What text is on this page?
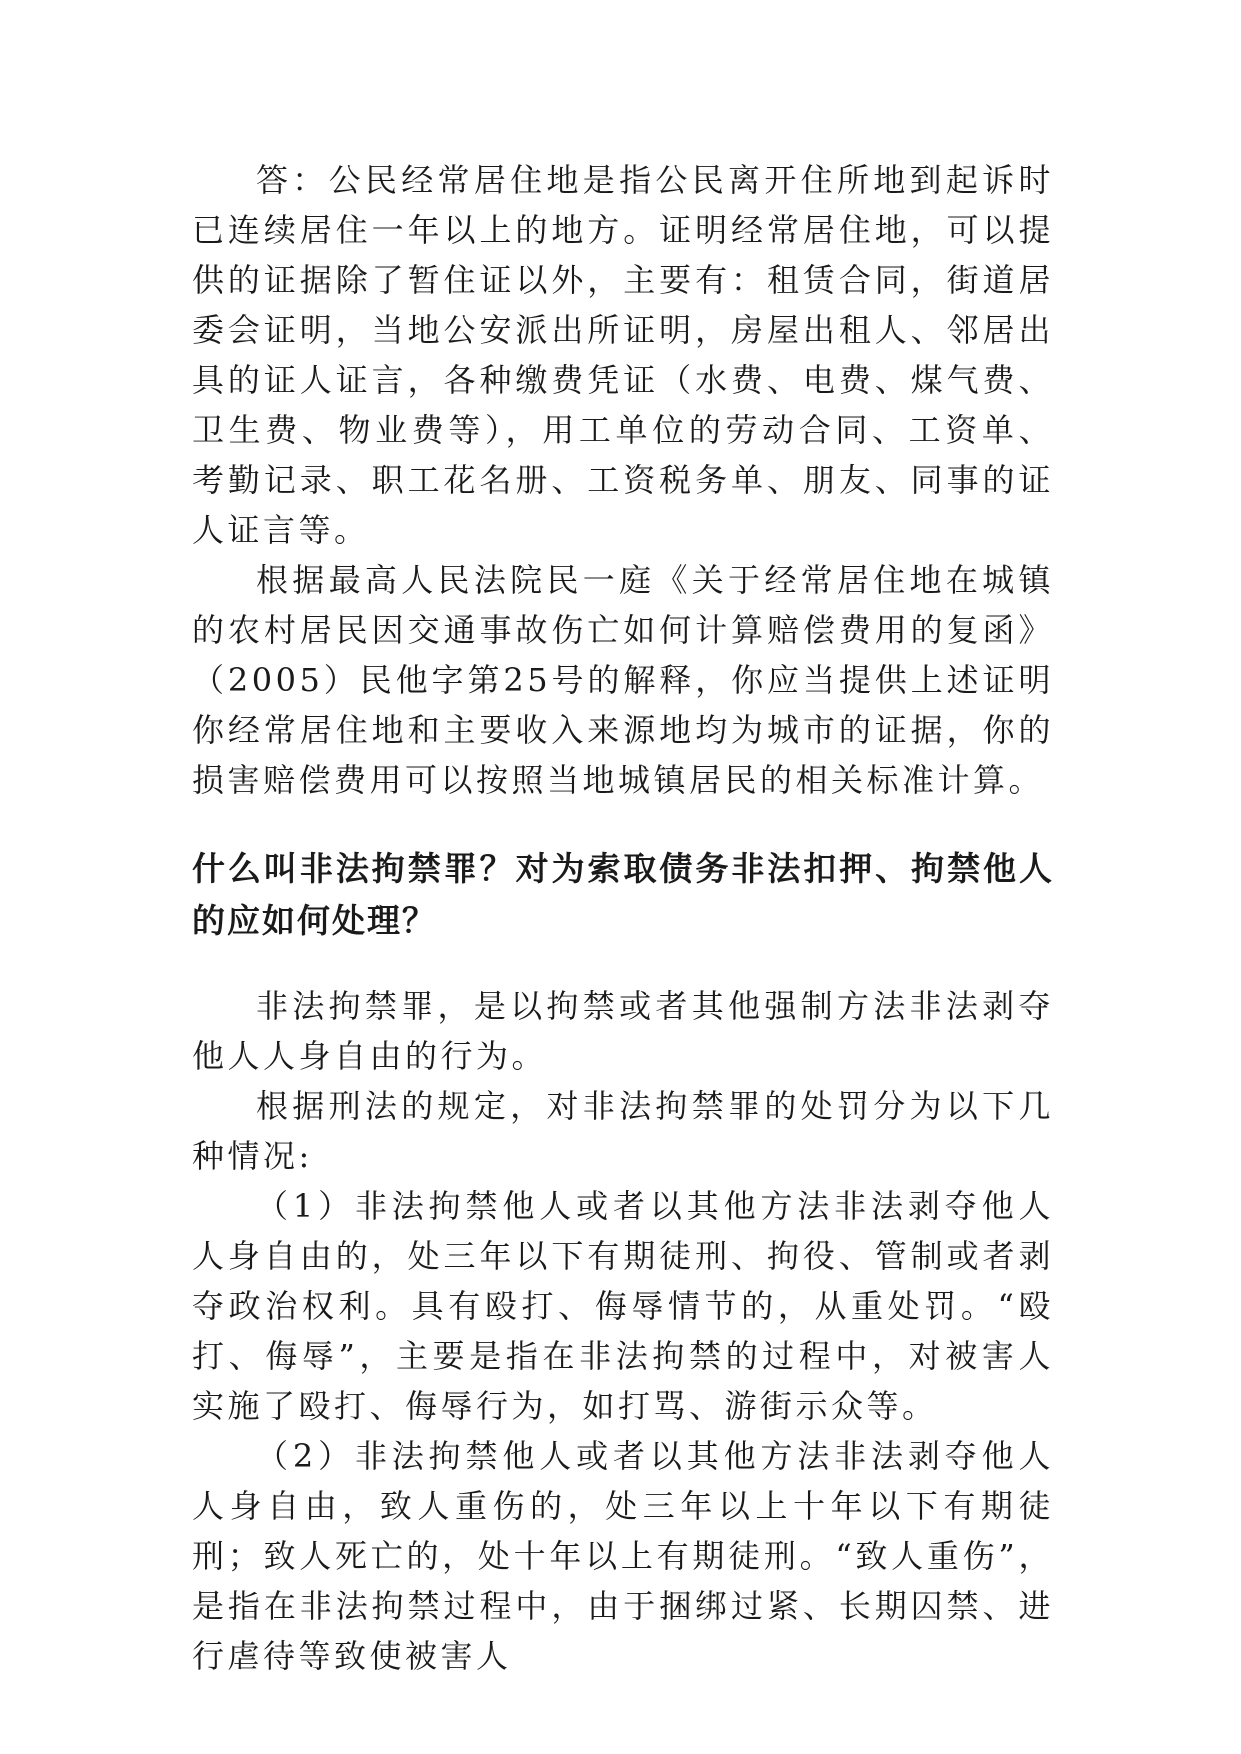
答：公民经常居住地是指公民离开住所地到起诉时已连续居住一年以上的地方。证明经常居住地，可以提供的证据除了暂住证以外，主要有：租赁合同，街道居委会证明，当地公安派出所证明，房屋出租人、邻居出具的证人证言，各种缴费凭证（水费、电费、煤气费、卫生费、物业费等），用工单位的劳动合同、工资单、考勤记录、职工花名册、工资税务单、朋友、同事的证人证言等。

根据最高人民法院民一庭《关于经常居住地在城镇的农村居民因交通事故伤亡如何计算赔偿费用的复函》（2005）民他字第25号的解释，你应当提供上述证明你经常居住地和主要收入来源地均为城市的证据，你的损害赔偿费用可以按照当地城镇居民的相关标准计算。

什么叫非法拘禁罪？对为索取债务非法扣押、拘禁他人的应如何处理？

非法拘禁罪，是以拘禁或者其他强制方法非法剥夺他人人身自由的行为。

根据刑法的规定，对非法拘禁罪的处罚分为以下几种情况:

（1）非法拘禁他人或者以其他方法非法剥夺他人人身自由的，处三年以下有期徒刑、拘役、管制或者剥夺政治权利。具有殴打、侮辱情节的，从重处罚。“殴打、侮辱”，主要是指在非法拘禁的过程中，对被害人实施了殴打、侮辱行为，如打骂、游街示众等。

（2）非法拘禁他人或者以其他方法非法剥夺他人人身自由，致人重伤的，处三年以上十年以下有期徒刑；致人死亡的，处十年以上有期徒刑。“致人重伤”，是指在非法拘禁过程中，由于捆绑过紧、长期囚禁、进行虐待等致使被害人
